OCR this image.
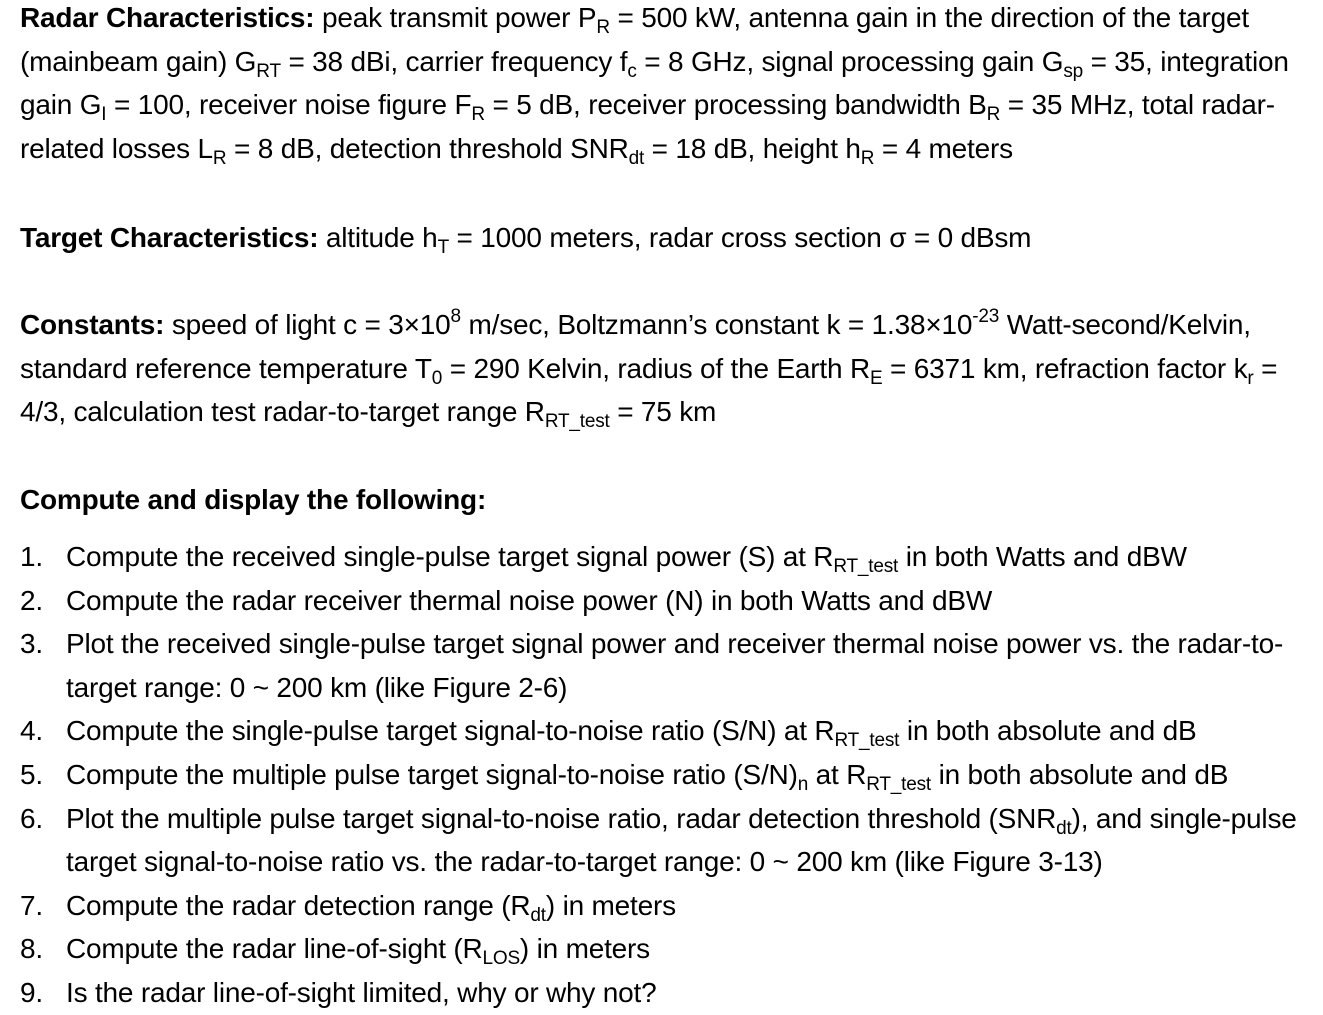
Radar Characteristics: peak transmit power $P_R = 500$ kW, antenna gain in the direction of the target (mainbeam gain) $G_{RT} = 38$ dBi, carrier frequency $f_c = 8$ GHz, signal processing gain $G_{sp} = 35$, integration gain $G_I = 100$, receiver noise figure $F_R = 5$ dB, receiver processing bandwidth $B_R = 35$ MHz, total radar-related losses $L_R = 8$ dB, detection threshold $SNR_{dt} = 18$ dB, height $h_R = 4$ meters

Target Characteristics: altitude $h_T = 1000$ meters, radar cross section σ = 0 dBsm

Constants: speed of light $c = 3\times 10^8$ m/sec, Boltzmann’s constant $k = 1.38\times 10^{-23}$ Watt-second/Kelvin, standard reference temperature $T_0 = 290$ Kelvin, radius of the Earth $R_E = 6371$ km, refraction factor $k_r = 4/3$, calculation test radar-to-target range $R_{RT\_test} = 75$ km

Compute and display the following:
1. Compute the received single-pulse target signal power (S) at $R_{RT\_test}$ in both Watts and dBW
2. Compute the radar receiver thermal noise power (N) in both Watts and dBW
3. Plot the received single-pulse target signal power and receiver thermal noise power vs. the radar-to-target range: 0 ~ 200 km (like Figure 2-6)
4. Compute the single-pulse target signal-to-noise ratio (S/N) at $R_{RT\_test}$ in both absolute and dB
5. Compute the multiple pulse target signal-to-noise ratio $(S/N)_n$ at $R_{RT\_test}$ in both absolute and dB
6. Plot the multiple pulse target signal-to-noise ratio, radar detection threshold $(SNR_{dt})$, and single-pulse target signal-to-noise ratio vs. the radar-to-target range: 0 ~ 200 km (like Figure 3-13)
7. Compute the radar detection range $(R_{dt})$ in meters
8. Compute the radar line-of-sight $(R_{LOS})$ in meters
9. Is the radar line-of-sight limited, why or why not?
